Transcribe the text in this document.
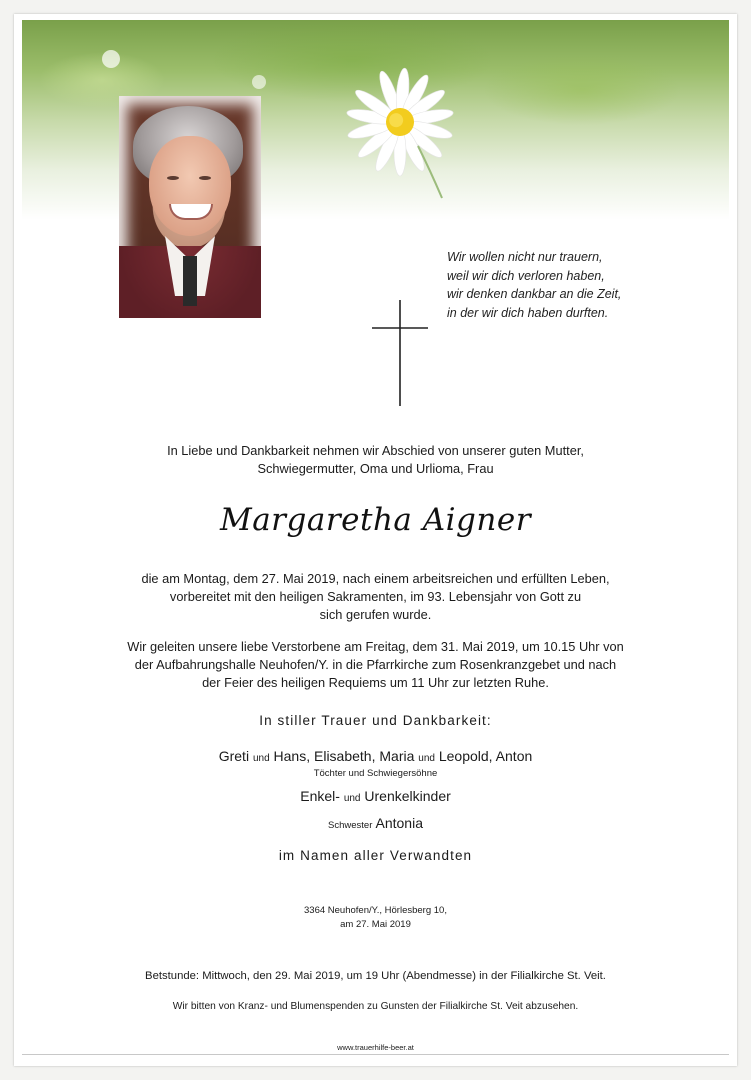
Wir wollen nicht nur trauern,
weil wir dich verloren haben,
wir denken dankbar an die Zeit,
in der wir dich haben durften.
In Liebe und Dankbarkeit nehmen wir Abschied von unserer guten Mutter,
Schwiegermutter, Oma und Urlioma, Frau
Margaretha Aigner
die am Montag, dem 27. Mai 2019, nach einem arbeitsreichen und erfüllten Leben,
vorbereitet mit den heiligen Sakramenten, im 93. Lebensjahr von Gott zu
sich gerufen wurde.
Wir geleiten unsere liebe Verstorbene am Freitag, dem 31. Mai 2019, um 10.15 Uhr von
der Aufbahrungshalle Neuhofen/Y. in die Pfarrkirche zum Rosenkranzgebet und nach
der Feier des heiligen Requiems um 11 Uhr zur letzten Ruhe.
In stiller Trauer und Dankbarkeit:
Greti und Hans, Elisabeth, Maria und Leopold, Anton
Töchter und Schwiegersöhne
Enkel- und Urenkelkinder
Schwester Antonia
im Namen aller Verwandten
3364 Neuhofen/Y., Hörlesberg 10,
am 27. Mai 2019
Betstunde: Mittwoch, den 29. Mai 2019, um 19 Uhr (Abendmesse) in der Filialkirche St. Veit.
Wir bitten von Kranz- und Blumenspenden zu Gunsten der Filialkirche St. Veit abzusehen.
www.trauerhilfe-beer.at
